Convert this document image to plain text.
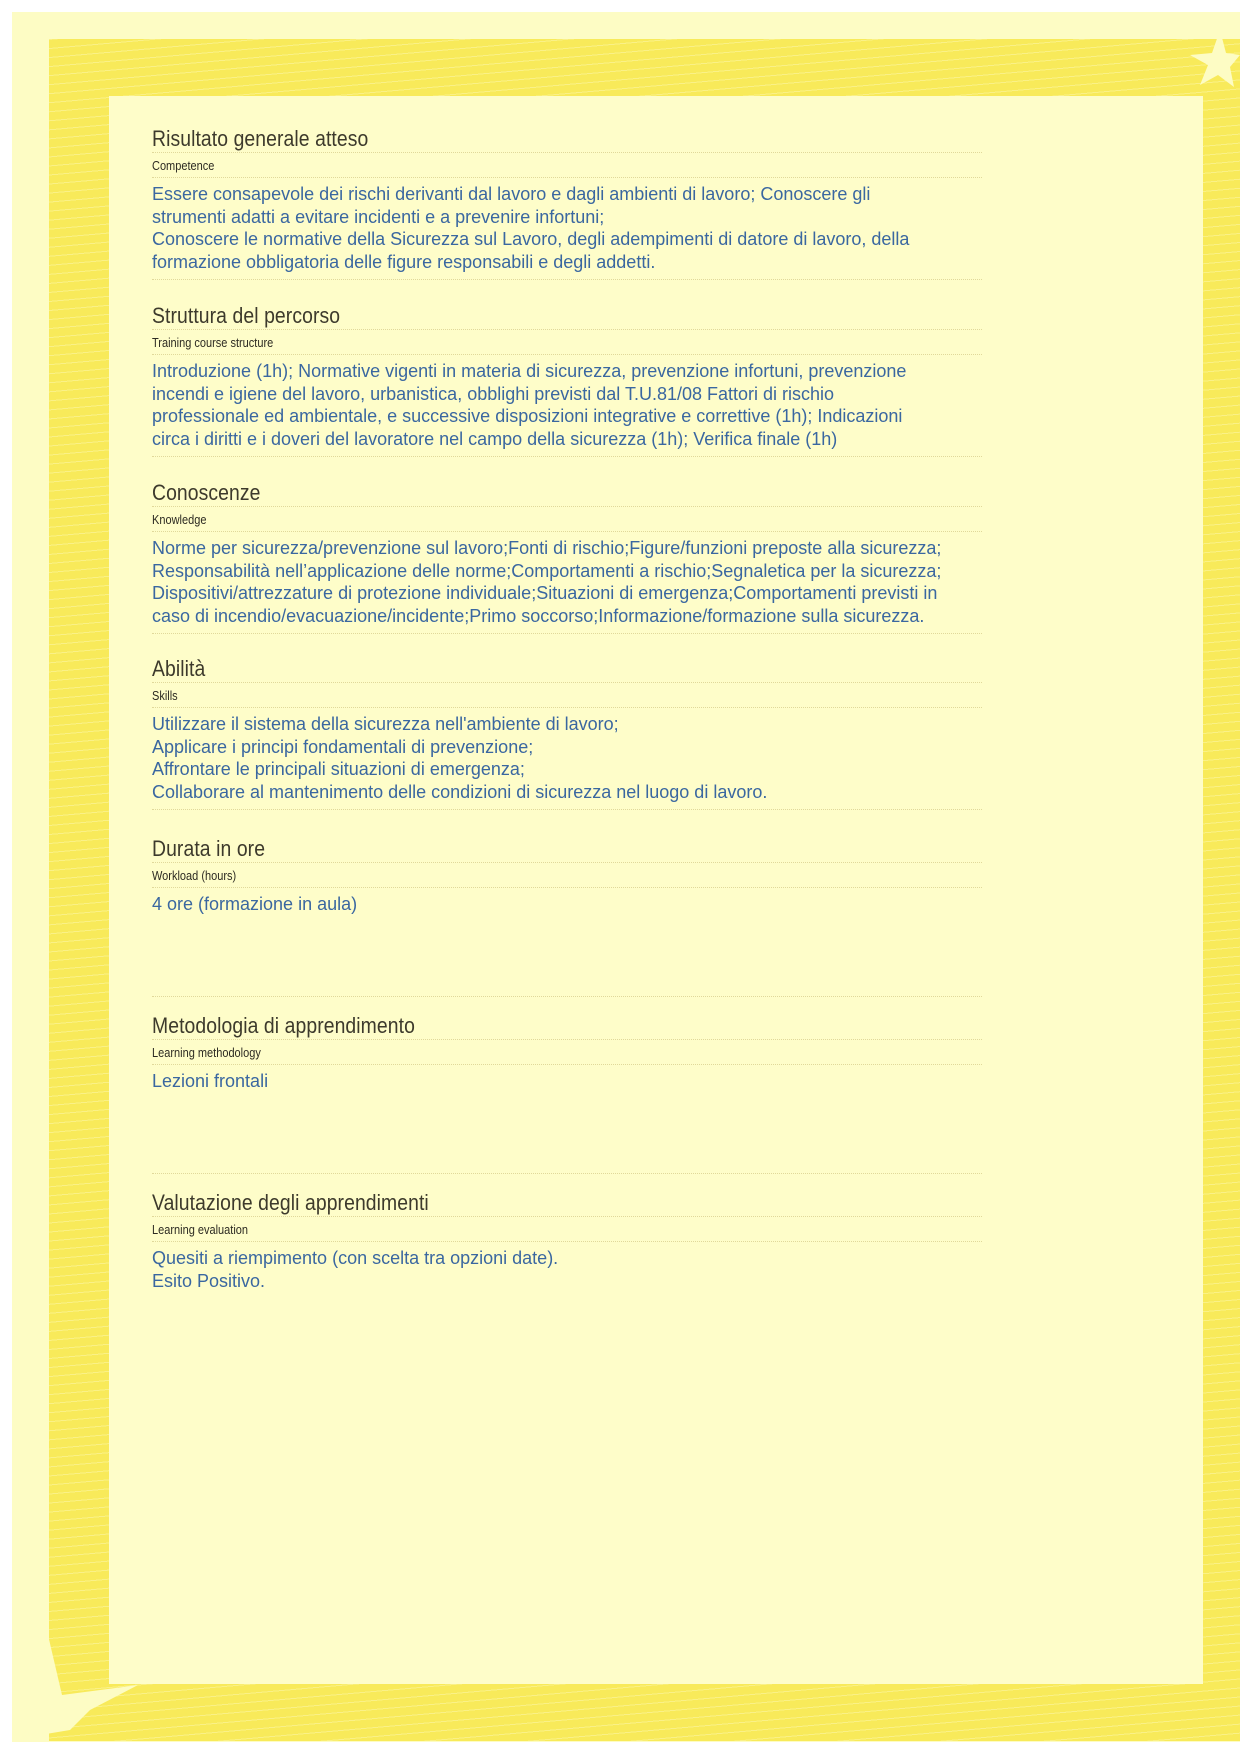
Risultato generale atteso
Competence
Essere consapevole dei rischi derivanti dal lavoro e dagli ambienti di lavoro; Conoscere gli
strumenti adatti a evitare incidenti e a prevenire infortuni;
Conoscere le normative della Sicurezza sul Lavoro, degli adempimenti di datore di lavoro, della
formazione obbligatoria delle figure responsabili e degli addetti.
Struttura del percorso
Training course structure
Introduzione (1h); Normative vigenti in materia di sicurezza, prevenzione infortuni, prevenzione
incendi e igiene del lavoro, urbanistica, obblighi previsti dal T.U.81/08 Fattori di rischio
professionale ed ambientale, e successive disposizioni integrative e correttive (1h); Indicazioni
circa i diritti e i doveri del lavoratore nel campo della sicurezza (1h); Verifica finale (1h)
Conoscenze
Knowledge
Norme per sicurezza/prevenzione sul lavoro;Fonti di rischio;Figure/funzioni preposte alla sicurezza;
Responsabilità nell’applicazione delle norme;Comportamenti a rischio;Segnaletica per la sicurezza;
Dispositivi/attrezzature di protezione individuale;Situazioni di emergenza;Comportamenti previsti in
caso di incendio/evacuazione/incidente;Primo soccorso;Informazione/formazione sulla sicurezza.
Abilità
Skills
Utilizzare il sistema della sicurezza nell'ambiente di lavoro;
Applicare i principi fondamentali di prevenzione;
Affrontare le principali situazioni di emergenza;
Collaborare al mantenimento delle condizioni di sicurezza nel luogo di lavoro.
Durata in ore
Workload (hours)
4 ore (formazione in aula)
Metodologia di apprendimento
Learning methodology
Lezioni frontali
Valutazione degli apprendimenti
Learning evaluation
Quesiti a riempimento (con scelta tra opzioni date).
Esito Positivo.
